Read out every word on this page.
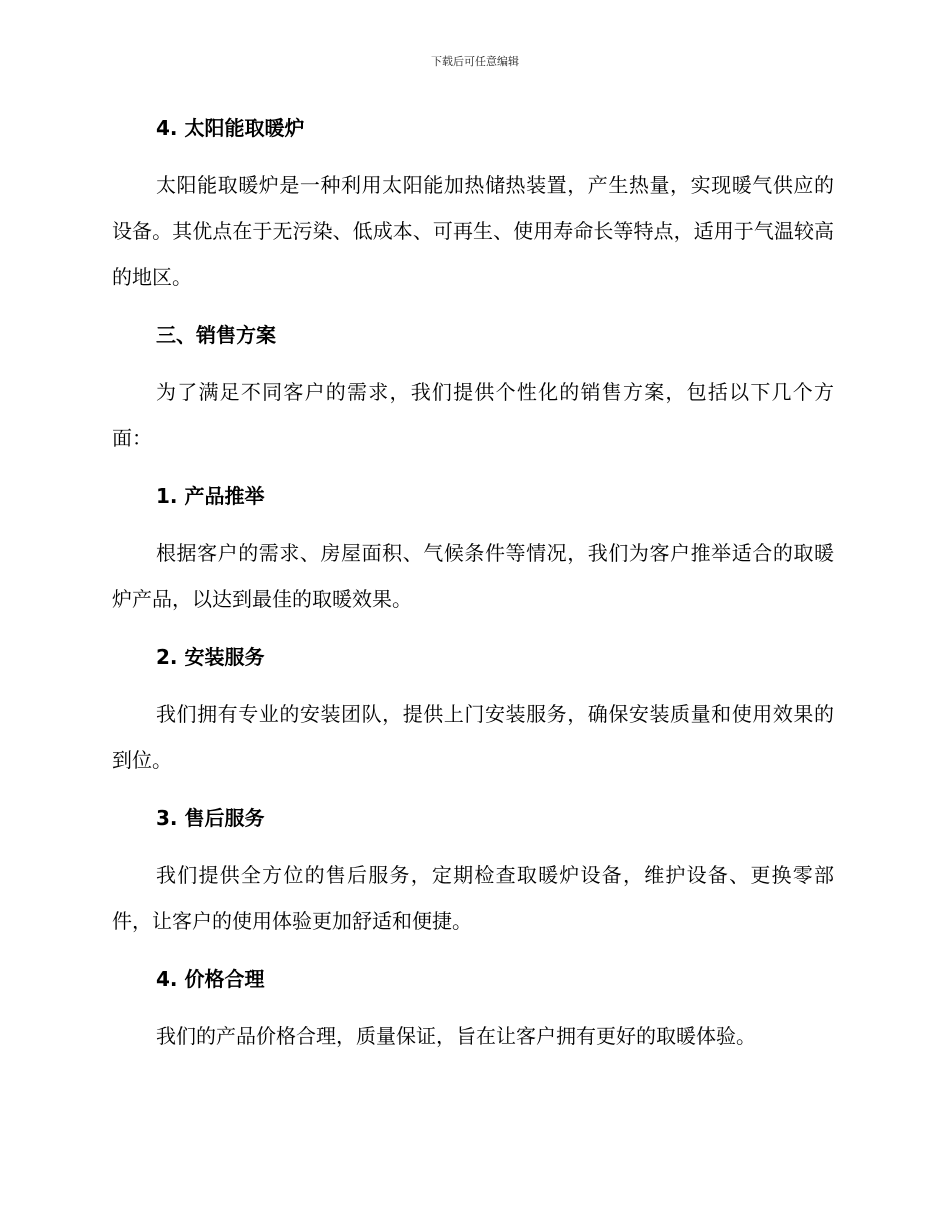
下载后可任意编辑
4. 太阳能取暖炉

太阳能取暖炉是一种利用太阳能加热储热装置，产生热量，实现暖气供应的设备。其优点在于无污染、低成本、可再生、使用寿命长等特点，适用于气温较高的地区。

三、销售方案

为了满足不同客户的需求，我们提供个性化的销售方案，包括以下几个方面：

1. 产品推举

根据客户的需求、房屋面积、气候条件等情况，我们为客户推举适合的取暖炉产品，以达到最佳的取暖效果。

2. 安装服务

我们拥有专业的安装团队，提供上门安装服务，确保安装质量和使用效果的到位。

3. 售后服务

我们提供全方位的售后服务，定期检查取暖炉设备，维护设备、更换零部件，让客户的使用体验更加舒适和便捷。

4. 价格合理

我们的产品价格合理，质量保证，旨在让客户拥有更好的取暖体验。
